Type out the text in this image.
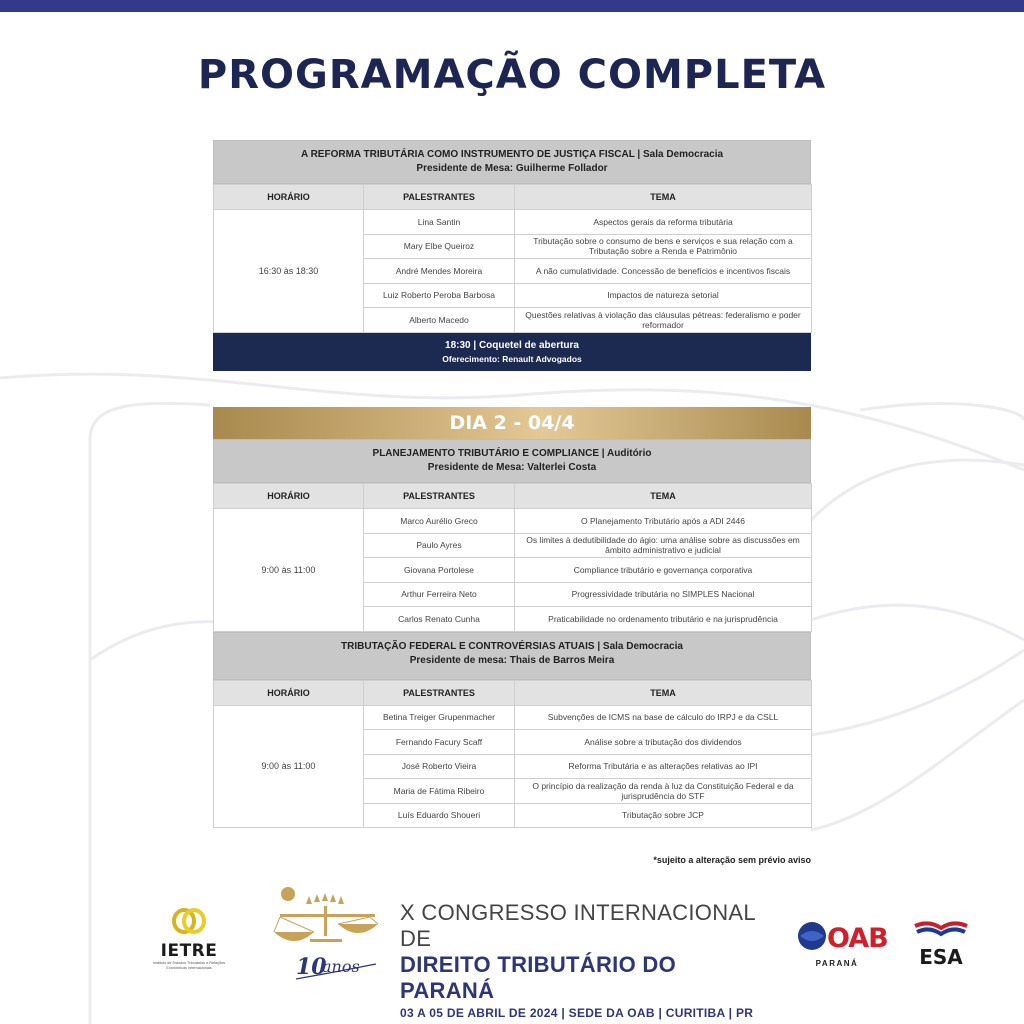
PROGRAMAÇÃO COMPLETA
A REFORMA TRIBUTÁRIA COMO INSTRUMENTO DE JUSTIÇA FISCAL | Sala Democracia
Presidente de Mesa: Guilherme Follador
HORÁRIO	PALESTRANTES	TEMA
16:30 às 18:30	Lina Santin	Aspectos gerais da reforma tributária
	Mary Elbe Queiroz	Tributação sobre o consumo de bens e serviços e sua relação com a Tributação sobre a Renda e Patrimônio
	André Mendes Moreira	A não cumulatividade. Concessão de benefícios e incentivos fiscais
	Luiz Roberto Peroba Barbosa	Impactos de natureza setorial
	Alberto Macedo	Questões relativas à violação das cláusulas pétreas: federalismo e poder reformador
18:30 | Coquetel de abertura
Oferecimento: Renault Advogados
DIA 2 - 04/4
PLANEJAMENTO TRIBUTÁRIO E COMPLIANCE | Auditório
Presidente de Mesa: Valterlei Costa
HORÁRIO	PALESTRANTES	TEMA
9:00 às 11:00	Marco Aurélio Greco	O Planejamento Tributário após a ADI 2446
	Paulo Ayres	Os limites à dedutibilidade do ágio: uma análise sobre as discussões em âmbito administrativo e judicial
	Giovana Portolese	Compliance tributário e governança corporativa
	Arthur Ferreira Neto	Progressividade tributária no SIMPLES Nacional
	Carlos Renato Cunha	Praticabilidade no ordenamento tributário e na jurisprudência
TRIBUTAÇÃO FEDERAL E CONTROVÉRSIAS ATUAIS | Sala Democracia
Presidente de mesa: Thais de Barros Meira
HORÁRIO	PALESTRANTES	TEMA
9:00 às 11:00	Betina Treiger Grupenmacher	Subvenções de ICMS na base de cálculo do IRPJ e da CSLL
	Fernando Facury Scaff	Análise sobre a tributação dos dividendos
	José Roberto Vieira	Reforma Tributária e as alterações relativas ao IPI
	Maria de Fátima Ribeiro	O princípio da realização da renda à luz da Constituição Federal e da jurisprudência do STF
	Luís Eduardo Shoueri	Tributação sobre JCP
*sujeito a alteração sem prévio aviso
IETRE
Instituto de Estudos Tributários e Relações Econômicas Internacionais	10
anos
X CONGRESSO INTERNACIONAL DE
DIREITO TRIBUTÁRIO DO PARANÁ
03 A 05 DE ABRIL DE 2024 | SEDE DA OAB | CURITIBA | PR
OAB
PARANÁ	ESA
